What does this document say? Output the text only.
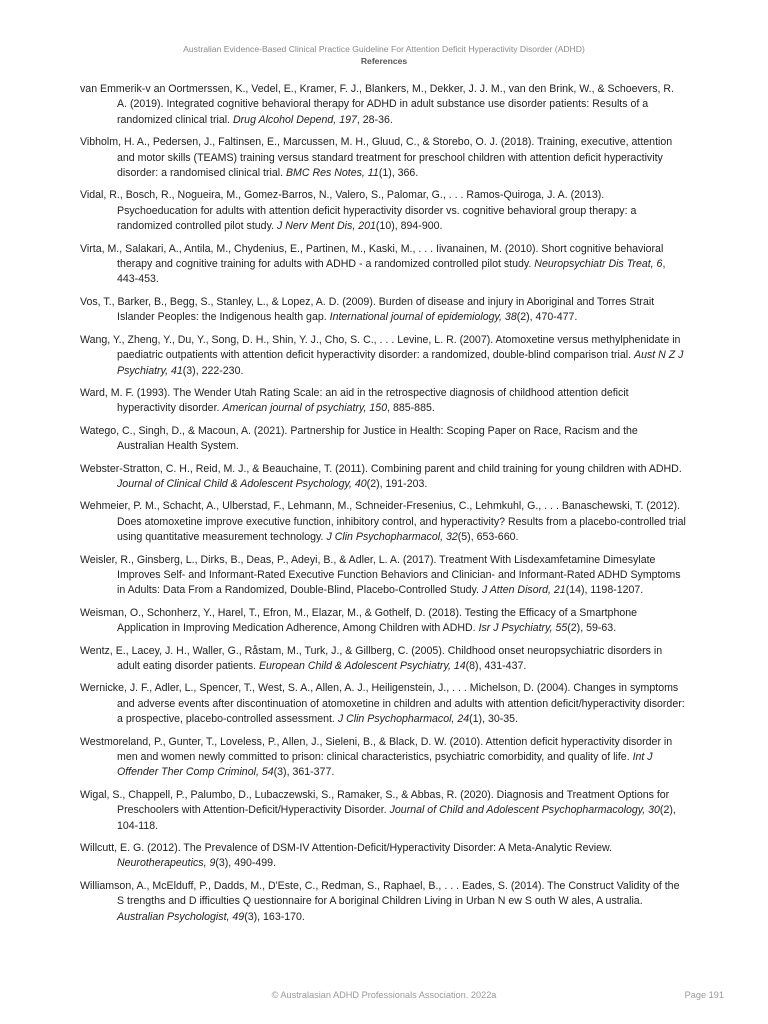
Australian Evidence-Based Clinical Practice Guideline For Attention Deficit Hyperactivity Disorder (ADHD)
References

van Emmerik-v an Oortmerssen, K., Vedel, E., Kramer, F. J., Blankers, M., Dekker, J. J. M., van den Brink, W., & Schoevers, R. A. (2019). Integrated cognitive behavioral therapy for ADHD in adult substance use disorder patients: Results of a randomized clinical trial. Drug Alcohol Depend, 197, 28-36.

Vibholm, H. A., Pedersen, J., Faltinsen, E., Marcussen, M. H., Gluud, C., & Storebo, O. J. (2018). Training, executive, attention and motor skills (TEAMS) training versus standard treatment for preschool children with attention deficit hyperactivity disorder: a randomised clinical trial. BMC Res Notes, 11(1), 366.

Vidal, R., Bosch, R., Nogueira, M., Gomez-Barros, N., Valero, S., Palomar, G., . . . Ramos-Quiroga, J. A. (2013). Psychoeducation for adults with attention deficit hyperactivity disorder vs. cognitive behavioral group therapy: a randomized controlled pilot study. J Nerv Ment Dis, 201(10), 894-900.

Virta, M., Salakari, A., Antila, M., Chydenius, E., Partinen, M., Kaski, M., . . . Iivanainen, M. (2010). Short cognitive behavioral therapy and cognitive training for adults with ADHD - a randomized controlled pilot study. Neuropsychiatr Dis Treat, 6, 443-453.

Vos, T., Barker, B., Begg, S., Stanley, L., & Lopez, A. D. (2009). Burden of disease and injury in Aboriginal and Torres Strait Islander Peoples: the Indigenous health gap. International journal of epidemiology, 38(2), 470-477.

Wang, Y., Zheng, Y., Du, Y., Song, D. H., Shin, Y. J., Cho, S. C., . . . Levine, L. R. (2007). Atomoxetine versus methylphenidate in paediatric outpatients with attention deficit hyperactivity disorder: a randomized, double-blind comparison trial. Aust N Z J Psychiatry, 41(3), 222-230.

Ward, M. F. (1993). The Wender Utah Rating Scale: an aid in the retrospective diagnosis of childhood attention deficit hyperactivity disorder. American journal of psychiatry, 150, 885-885.

Watego, C., Singh, D., & Macoun, A. (2021). Partnership for Justice in Health: Scoping Paper on Race, Racism and the Australian Health System.

Webster-Stratton, C. H., Reid, M. J., & Beauchaine, T. (2011). Combining parent and child training for young children with ADHD. Journal of Clinical Child & Adolescent Psychology, 40(2), 191-203.

Wehmeier, P. M., Schacht, A., Ulberstad, F., Lehmann, M., Schneider-Fresenius, C., Lehmkuhl, G., . . . Banaschewski, T. (2012). Does atomoxetine improve executive function, inhibitory control, and hyperactivity? Results from a placebo-controlled trial using quantitative measurement technology. J Clin Psychopharmacol, 32(5), 653-660.

Weisler, R., Ginsberg, L., Dirks, B., Deas, P., Adeyi, B., & Adler, L. A. (2017). Treatment With Lisdexamfetamine Dimesylate Improves Self- and Informant-Rated Executive Function Behaviors and Clinician- and Informant-Rated ADHD Symptoms in Adults: Data From a Randomized, Double-Blind, Placebo-Controlled Study. J Atten Disord, 21(14), 1198-1207.

Weisman, O., Schonherz, Y., Harel, T., Efron, M., Elazar, M., & Gothelf, D. (2018). Testing the Efficacy of a Smartphone Application in Improving Medication Adherence, Among Children with ADHD. Isr J Psychiatry, 55(2), 59-63.

Wentz, E., Lacey, J. H., Waller, G., Råstam, M., Turk, J., & Gillberg, C. (2005). Childhood onset neuropsychiatric disorders in adult eating disorder patients. European Child & Adolescent Psychiatry, 14(8), 431-437.

Wernicke, J. F., Adler, L., Spencer, T., West, S. A., Allen, A. J., Heiligenstein, J., . . . Michelson, D. (2004). Changes in symptoms and adverse events after discontinuation of atomoxetine in children and adults with attention deficit/hyperactivity disorder: a prospective, placebo-controlled assessment. J Clin Psychopharmacol, 24(1), 30-35.

Westmoreland, P., Gunter, T., Loveless, P., Allen, J., Sieleni, B., & Black, D. W. (2010). Attention deficit hyperactivity disorder in men and women newly committed to prison: clinical characteristics, psychiatric comorbidity, and quality of life. Int J Offender Ther Comp Criminol, 54(3), 361-377.

Wigal, S., Chappell, P., Palumbo, D., Lubaczewski, S., Ramaker, S., & Abbas, R. (2020). Diagnosis and Treatment Options for Preschoolers with Attention-Deficit/Hyperactivity Disorder. Journal of Child and Adolescent Psychopharmacology, 30(2), 104-118.

Willcutt, E. G. (2012). The Prevalence of DSM-IV Attention-Deficit/Hyperactivity Disorder: A Meta-Analytic Review. Neurotherapeutics, 9(3), 490-499.

Williamson, A., McElduff, P., Dadds, M., D'Este, C., Redman, S., Raphael, B., . . . Eades, S. (2014). The Construct Validity of the S trengths and D ifficulties Q uestionnaire for A boriginal Children Living in Urban N ew S outh W ales, A ustralia. Australian Psychologist, 49(3), 163-170.

© Australasian ADHD Professionals Association. 2022a	Page 191
